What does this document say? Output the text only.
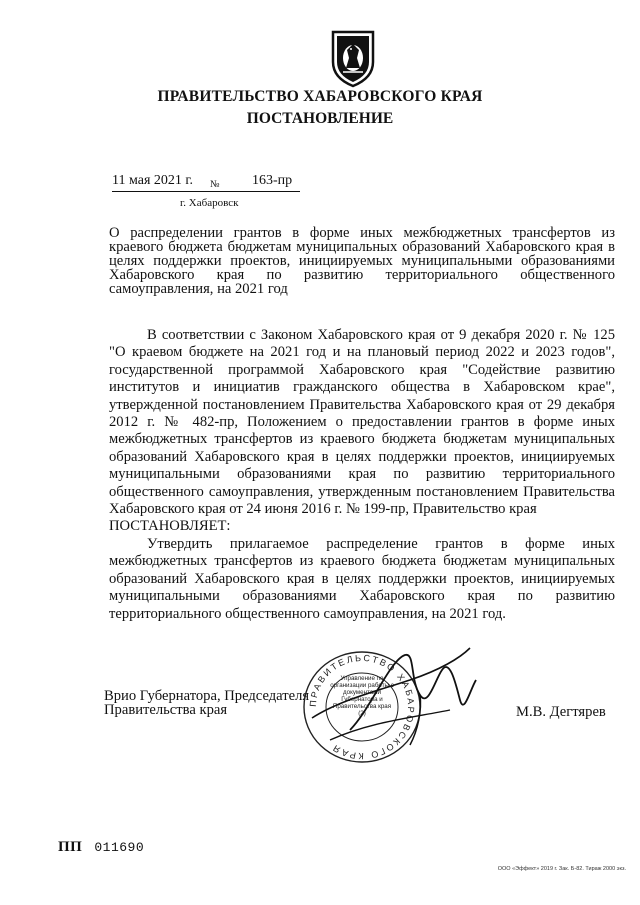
ПРАВИТЕЛЬСТВО ХАБАРОВСКОГО КРАЯ
ПОСТАНОВЛЕНИЕ
11 мая 2021 г. № 163-пр
г. Хабаровск
О распределении грантов в форме иных межбюджетных трансфертов из краевого бюджета бюджетам муниципальных образований Хабаровского края в целях поддержки проектов, инициируемых муниципальными образованиями Хабаровского края по развитию территориального общественного самоуправления, на 2021 год

В соответствии с Законом Хабаровского края от 9 декабря 2020 г. № 125 "О краевом бюджете на 2021 год и на плановый период 2022 и 2023 годов", государственной программой Хабаровского края "Содействие развитию институтов и инициатив гражданского общества в Хабаровском крае", утвержденной постановлением Правительства Хабаровского края от 29 декабря 2012 г. № 482-пр, Положением о предоставлении грантов в форме иных межбюджетных трансфертов из краевого бюджета бюджетам муниципальных образований Хабаровского края в целях поддержки проектов, инициируемых муниципальными образованиями края по развитию территориального общественного самоуправления, утвержденным постановлением Правительства Хабаровского края от 24 июня 2016 г. № 199-пр, Правительство края

ПОСТАНОВЛЯЕТ:

Утвердить прилагаемое распределение грантов в форме иных межбюджетных трансфертов из краевого бюджета бюджетам муниципальных образований Хабаровского края в целях поддержки проектов, инициируемых муниципальными образованиями Хабаровского края по развитию территориального общественного самоуправления, на 2021 год.

Врио Губернатора, Председателя
Правительства края	ПРАВИТЕЛЬСТВО ХАБАРОВСКОГО КРАЯ
Управление по организации работы с документами Губернатора и Правительства края (2)	М.В. Дегтярев
ПП 011690
ООО «Эффект» 2019 г. Зак. Б-82. Тираж 2000 экз.
